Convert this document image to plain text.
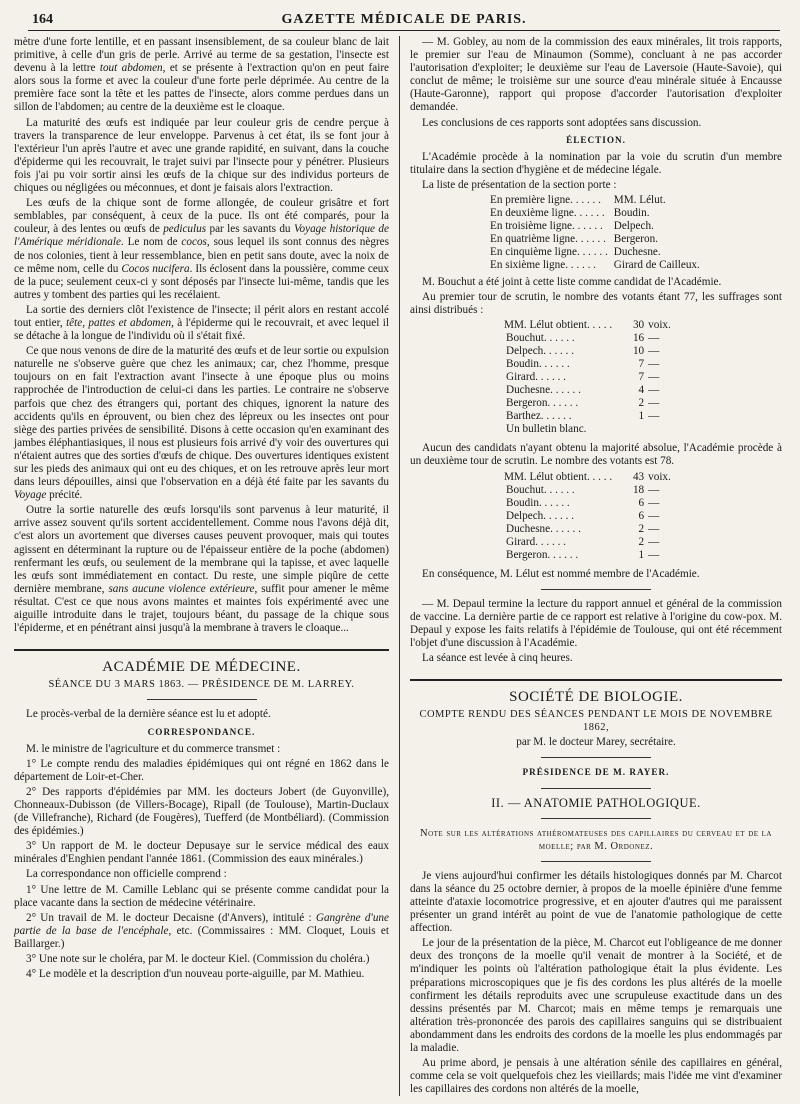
164	GAZETTE MÉDICALE DE PARIS.

mètre d'une forte lentille, et en passant insensiblement, de sa couleur blanc de lait primitive, à celle d'un gris de perle. Arrivé au terme de sa gestation, l'insecte est devenu à la lettre tout abdomen, et se présente à l'extraction qu'on en peut faire alors sous la forme et avec la couleur d'une forte perle déprimée. Au centre de la première face sont la tête et les pattes de l'insecte, alors comme perdues dans un sillon de l'abdomen; au centre de la deuxième est le cloaque.

La maturité des œufs est indiquée par leur couleur gris de cendre perçue à travers la transparence de leur enveloppe. Parvenus à cet état, ils se font jour à l'extérieur l'un après l'autre et avec une grande rapidité, en suivant, dans la couche d'épiderme qui les recouvrait, le trajet suivi par l'insecte pour y pénétrer. Plusieurs fois j'ai pu voir sortir ainsi les œufs de la chique sur des individus porteurs de chiques ou négligées ou méconnues, et dont je faisais alors l'extraction.

Les œufs de la chique sont de forme allongée, de couleur grisâtre et fort semblables, par conséquent, à ceux de la puce. Ils ont été comparés, pour la couleur, à des lentes ou œufs de pediculus par les savants du Voyage historique de l'Amérique méridionale. Le nom de cocos, sous lequel ils sont connus des nègres de nos colonies, tient à leur ressemblance, bien en petit sans doute, avec la noix de ce même nom, celle du Cocos nucifera. Ils éclosent dans la poussière, comme ceux de la puce; seulement ceux-ci y sont déposés par l'insecte lui-même, tandis que les autres y tombent des parties qui les recélaient.

La sortie des derniers clôt l'existence de l'insecte; il périt alors en restant accolé tout entier, tête, pattes et abdomen, à l'épiderme qui le recouvrait, et avec lequel il se détache à la longue de l'individu où il s'était fixé.

Ce que nous venons de dire de la maturité des œufs et de leur sortie ou expulsion naturelle ne s'observe guère que chez les animaux; car, chez l'homme, presque toujours on en fait l'extraction avant l'insecte à une époque plus ou moins rapprochée de l'introduction de celui-ci dans les parties. Le contraire ne s'observe parfois que chez des étrangers qui, portant des chiques, ignorent la nature des accidents qu'ils en éprouvent, ou bien chez des lépreux ou les insectes ont pour siège des parties privées de sensibilité. Disons à cette occasion qu'en examinant des jambes éléphantiasiques, il nous est plusieurs fois arrivé d'y voir des ouvertures qui n'étaient autres que des sorties d'œufs de chique. Des ouvertures identiques existent sur les pieds des animaux qui ont eu des chiques, et on les retrouve après leur mort dans leurs dépouilles, ainsi que l'observation en a déjà été faite par les savants du Voyage précité.

Outre la sortie naturelle des œufs lorsqu'ils sont parvenus à leur maturité, il arrive assez souvent qu'ils sortent accidentellement. Comme nous l'avons déjà dit, c'est alors un avortement que diverses causes peuvent provoquer, mais qui toutes agissent en déterminant la rupture ou de l'épaisseur entière de la poche (abdomen) renfermant les œufs, ou seulement de la membrane qui la tapisse, et avec laquelle les œufs sont immédiatement en contact. Du reste, une simple piqûre de cette dernière membrane, sans aucune violence extérieure, suffit pour amener le même résultat. C'est ce que nous avons maintes et maintes fois expérimenté avec une aiguille introduite dans le trajet, toujours béant, du passage de la chique sous l'épiderme, et en pénétrant ainsi jusqu'à la membrane à travers le cloaque...

ACADÉMIE DE MÉDECINE.

SÉANCE DU 3 MARS 1863. — PRÉSIDENCE DE M. LARREY.

Le procès-verbal de la dernière séance est lu et adopté.

CORRESPONDANCE.

M. le ministre de l'agriculture et du commerce transmet :

1° Le compte rendu des maladies épidémiques qui ont régné en 1862 dans le département de Loir-et-Cher.

2° Des rapports d'épidémies par MM. les docteurs Jobert (de Guyonville), Chonneaux-Dubisson (de Villers-Bocage), Ripall (de Toulouse), Martin-Duclaux (de Villefranche), Richard (de Fougères), Tuefferd (de Montbéliard). (Commission des épidémies.)

3° Un rapport de M. le docteur Depusaye sur le service médical des eaux minérales d'Enghien pendant l'année 1861. (Commission des eaux minérales.)

La correspondance non officielle comprend :

1° Une lettre de M. Camille Leblanc qui se présente comme candidat pour la place vacante dans la section de médecine vétérinaire.

2° Un travail de M. le docteur Decaisne (d'Anvers), intitulé : Gangrène d'une partie de la base de l'encéphale, etc. (Commissaires : MM. Cloquet, Louis et Baillarger.)

3° Une note sur le choléra, par M. le docteur Kiel. (Commission du choléra.)

4° Le modèle et la description d'un nouveau porte-aiguille, par M. Mathieu.

— M. Gobley, au nom de la commission des eaux minérales, lit trois rapports, le premier sur l'eau de Minaumon (Somme), concluant à ne pas accorder l'autorisation d'exploiter; le deuxième sur l'eau de Laversoie (Haute-Savoie), qui conclut de même; le troisième sur une source d'eau minérale située à Encausse (Haute-Garonne), rapport qui propose d'accorder l'autorisation d'exploiter demandée.

Les conclusions de ces rapports sont adoptées sans discussion.

ÉLECTION.

L'Académie procède à la nomination par la voie du scrutin d'un membre titulaire dans la section d'hygiène et de médecine légale.

La liste de présentation de la section porte :

En première ligne. . . . . .	MM. Lélut.
En deuxième ligne. . . . . .	Boudin.
En troisième ligne. . . . . .	Delpech.
En quatrième ligne. . . . . .	Bergeron.
En cinquième ligne. . . . . .	Duchesne.
En sixième ligne. . . . . .	Girard de Cailleux.

M. Bouchut a été joint à cette liste comme candidat de l'Académie.

Au premier tour de scrutin, le nombre des votants étant 77, les suffrages sont ainsi distribués :

MM. Lélut obtient. . . . .	30	voix.
Bouchut. . . . . .	16	—
Delpech. . . . . .	10	—
Boudin. . . . . .	7	—
Girard. . . . . .	7	—
Duchesne. . . . . .	4	—
Bergeron. . . . . .	2	—
Barthez. . . . . .	1	—
Un bulletin blanc.		

Aucun des candidats n'ayant obtenu la majorité absolue, l'Académie procède à un deuxième tour de scrutin. Le nombre des votants est 78.

MM. Lélut obtient. . . . .	43	voix.
Bouchut. . . . . .	18	—
Boudin. . . . . .	6	—
Delpech. . . . . .	6	—
Duchesne. . . . . .	2	—
Girard. . . . . .	2	—
Bergeron. . . . . .	1	—

En conséquence, M. Lélut est nommé membre de l'Académie.

— M. Depaul termine la lecture du rapport annuel et général de la commission de vaccine. La dernière partie de ce rapport est relative à l'origine du cow-pox. M. Depaul y expose les faits relatifs à l'épidémie de Toulouse, qui ont été récemment l'objet d'une discussion à l'Académie.

La séance est levée à cinq heures.

SOCIÉTÉ DE BIOLOGIE.

COMPTE RENDU DES SÉANCES PENDANT LE MOIS DE NOVEMBRE 1862,

par M. le docteur Marey, secrétaire.

PRÉSIDENCE DE M. RAYER.
II. — ANATOMIE PATHOLOGIQUE.

Note sur les altérations athéromateuses des capillaires du cerveau et de la moelle; par M. Ordonez.

Je viens aujourd'hui confirmer les détails histologiques donnés par M. Charcot dans la séance du 25 octobre dernier, à propos de la moelle épinière d'une femme atteinte d'ataxie locomotrice progressive, et en ajouter d'autres qui me paraissent présenter un grand intérêt au point de vue de l'anatomie pathologique de cette affection.

Le jour de la présentation de la pièce, M. Charcot eut l'obligeance de me donner deux des tronçons de la moelle qu'il venait de montrer à la Société, et de m'indiquer les points où l'altération pathologique était la plus évidente. Les préparations microscopiques que je fis des cordons les plus altérés de la moelle confirment les détails reproduits avec une scrupuleuse exactitude dans un des dessins présentés par M. Charcot; mais en même temps je remarquais une altération très-prononcée des parois des capillaires sanguins qui se distribuaient abondamment dans les endroits des cordons de la moelle les plus endommagés par la maladie.

Au prime abord, je pensais à une altération sénile des capillaires en général, comme cela se voit quelquefois chez les vieillards; mais l'idée me vint d'examiner les capillaires des cordons non altérés de la moelle,
